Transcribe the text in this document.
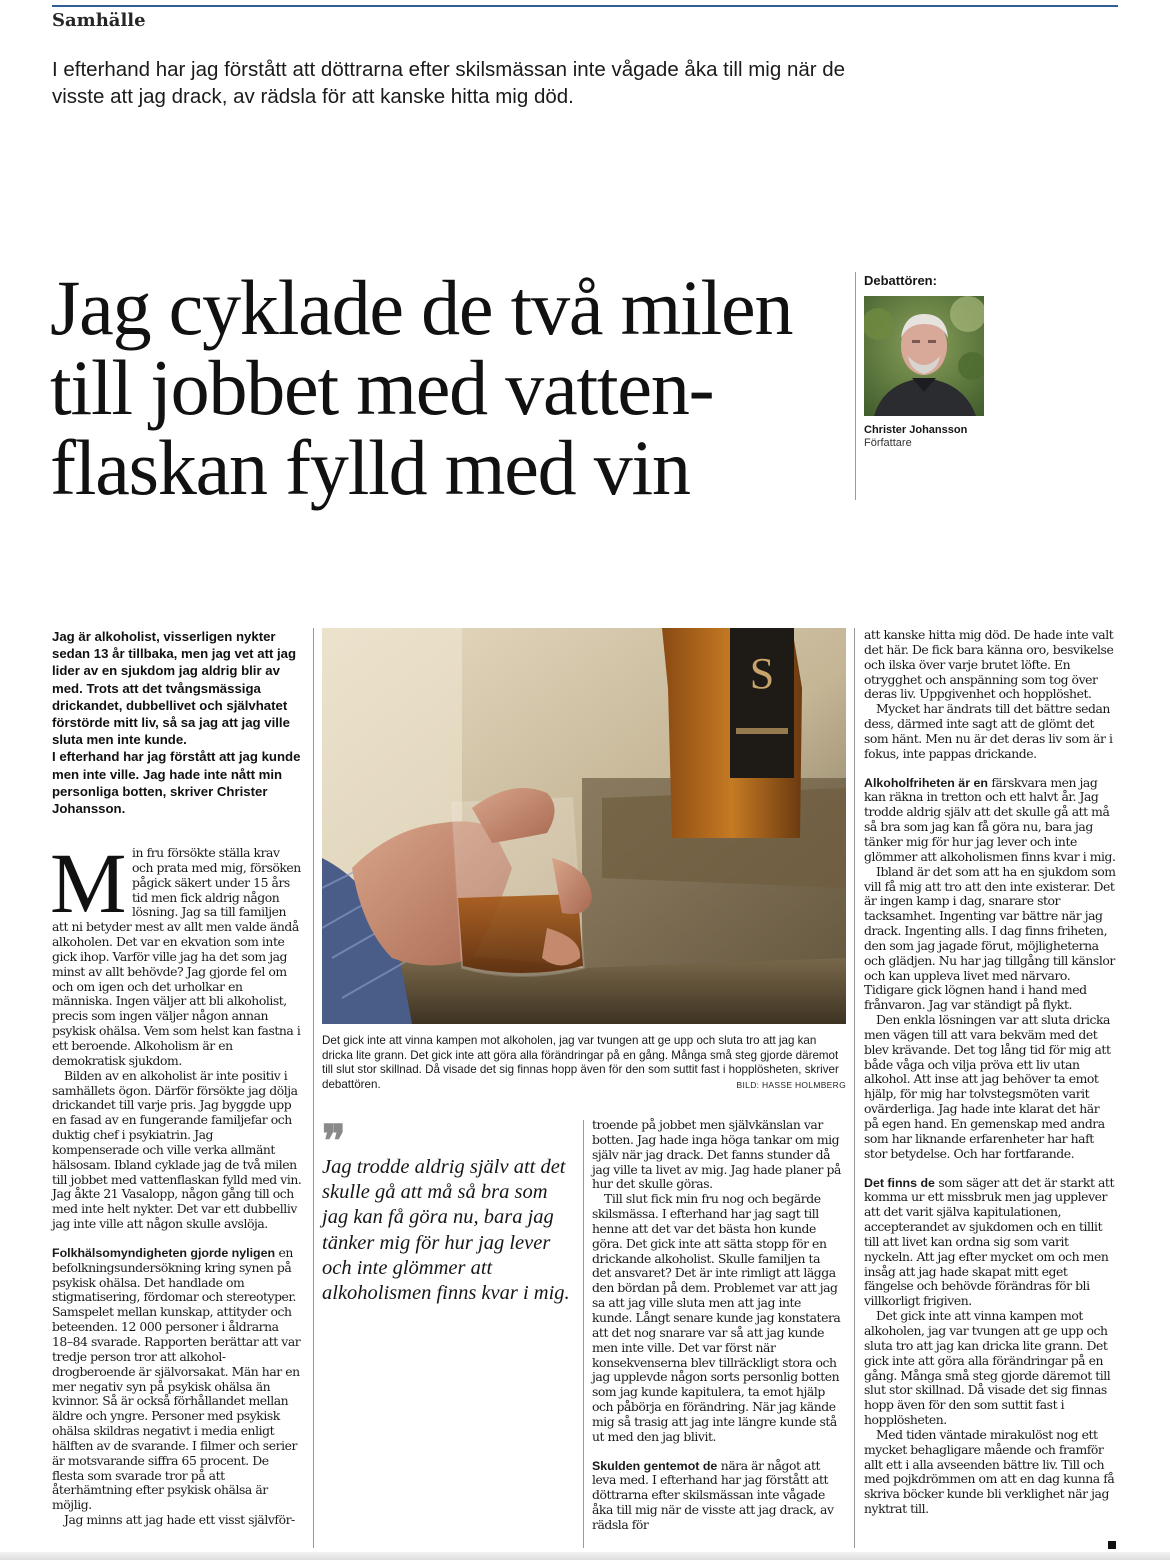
Samhälle
I efterhand har jag förstått att döttrarna efter skilsmässan inte vågade åka till mig när de visste att jag drack, av rädsla för att kanske hitta mig död.
Jag cyklade de två milen
till jobbet med vatten-
flaskan fylld med vin
Debattören:
Christer Johansson
Författare

Jag är alkoholist, visserligen nykter sedan 13 år tillbaka, men jag vet att jag lider av en sjukdom jag aldrig blir av med. Trots att det tvångsmässiga drickandet, dubbellivet och självhatet förstörde mitt liv, så sa jag att jag ville sluta men inte kunde.

I efterhand har jag förstått att jag kunde men inte ville. Jag hade inte nått min personliga botten, skriver Christer Johansson.

Min fru försökte ställa krav och prata med mig, försöken pågick säkert under 15 års tid men fick aldrig någon lösning. Jag sa till familjen att ni betyder mest av allt men valde ändå alkoholen. Det var en ekvation som inte gick ihop. Varför ville jag ha det som jag minst av allt behövde? Jag gjorde fel om och om igen och det urholkar en människa. Ingen väljer att bli alkoholist, precis som ingen väljer någon annan psykisk ohälsa. Vem som helst kan fastna i ett beroende. Alkoholism är en demokratisk sjukdom.

Bilden av en alkoholist är inte positiv i samhällets ögon. Därför försökte jag dölja drickandet till varje pris. Jag byggde upp en fasad av en fungerande familjefar och duktig chef i psykiatrin. Jag kompenserade och ville verka allmänt hälsosam. Ibland cyklade jag de två milen till jobbet med vattenflaskan fylld med vin. Jag åkte 21 Vasalopp, någon gång till och med inte helt nykter. Det var ett dubbelliv jag inte ville att någon skulle avslöja.

Folkhälsomyndigheten gjorde nyligen en befolkningsundersökning kring synen på psykisk ohälsa. Det handlade om stigmatisering, fördomar och stereotyper. Samspelet mellan kunskap, attityder och beteenden. 12 000 personer i åldrarna 18–84 svarade. Rapporten berättar att var tredje person tror att alkohol- drogberoende är självorsakat. Män har en mer negativ syn på psykisk ohälsa än kvinnor. Så är också förhållandet mellan äldre och yngre. Personer med psykisk ohälsa skildras negativt i media enligt hälften av de svarande. I filmer och serier är motsvarande siffra 65 procent. De flesta som svarade tror på att återhämtning efter psykisk ohälsa är möjlig.

Jag minns att jag hade ett visst självför-

S
Det gick inte att vinna kampen mot alkoholen, jag var tvungen att ge upp och sluta tro att jag kan dricka lite grann. Det gick inte att göra alla förändringar på en gång. Många små steg gjorde däremot till slut stor skillnad. Då visade det sig finnas hopp även för den som suttit fast i hopplösheten, skriver debattören.	BILD: HASSE HOLMBERG
❞
Jag trodde aldrig själv att det skulle gå att må så bra som jag kan få göra nu, bara jag tänker mig för hur jag lever och inte glömmer att alkoholismen finns kvar i mig.

troende på jobbet men självkänslan var botten. Jag hade inga höga tankar om mig själv när jag drack. Det fanns stunder då jag ville ta livet av mig. Jag hade planer på hur det skulle göras.

Till slut fick min fru nog och begärde skilsmässa. I efterhand har jag sagt till henne att det var det bästa hon kunde göra. Det gick inte att sätta stopp för en drickande alkoholist. Skulle familjen ta det ansvaret? Det är inte rimligt att lägga den bördan på dem. Problemet var att jag sa att jag ville sluta men att jag inte kunde. Långt senare kunde jag konstatera att det nog snarare var så att jag kunde men inte ville. Det var först när konsekvenserna blev tillräckligt stora och jag upplevde någon sorts personlig botten som jag kunde kapitulera, ta emot hjälp och påbörja en förändring. När jag kände mig så trasig att jag inte längre kunde stå ut med den jag blivit.

Skulden gentemot de nära är något att leva med. I efterhand har jag förstått att döttrarna efter skilsmässan inte vågade åka till mig när de visste att jag drack, av rädsla för

att kanske hitta mig död. De hade inte valt det här. De fick bara känna oro, besvikelse och ilska över varje brutet löfte. En otrygghet och anspänning som tog över deras liv. Uppgivenhet och hopplöshet.

Mycket har ändrats till det bättre sedan dess, därmed inte sagt att de glömt det som hänt. Men nu är det deras liv som är i fokus, inte pappas drickande.

Alkoholfriheten är en färskvara men jag kan räkna in tretton och ett halvt år. Jag trodde aldrig själv att det skulle gå att må så bra som jag kan få göra nu, bara jag tänker mig för hur jag lever och inte glömmer att alkoholismen finns kvar i mig.

Ibland är det som att ha en sjukdom som vill få mig att tro att den inte existerar. Det är ingen kamp i dag, snarare stor tacksamhet. Ingenting var bättre när jag drack. Ingenting alls. I dag finns friheten, den som jag jagade förut, möjligheterna och glädjen. Nu har jag tillgång till känslor och kan uppleva livet med närvaro. Tidigare gick lögnen hand i hand med frånvaron. Jag var ständigt på flykt.

Den enkla lösningen var att sluta dricka men vägen till att vara bekväm med det blev krävande. Det tog lång tid för mig att både våga och vilja pröva ett liv utan alkohol. Att inse att jag behöver ta emot hjälp, för mig har tolvstegsmöten varit ovärderliga. Jag hade inte klarat det här på egen hand. En gemenskap med andra som har liknande erfarenheter har haft stor betydelse. Och har fortfarande.

Det finns de som säger att det är starkt att komma ur ett missbruk men jag upplever att det varit själva kapitulationen, accepterandet av sjukdomen och en tillit till att livet kan ordna sig som varit nyckeln. Att jag efter mycket om och men insåg att jag hade skapat mitt eget fängelse och behövde förändras för bli villkorligt frigiven.

Det gick inte att vinna kampen mot alkoholen, jag var tvungen att ge upp och sluta tro att jag kan dricka lite grann. Det gick inte att göra alla förändringar på en gång. Många små steg gjorde däremot till slut stor skillnad. Då visade det sig finnas hopp även för den som suttit fast i hopplösheten.

Med tiden väntade mirakulöst nog ett mycket behagligare mående och framför allt ett i alla avseenden bättre liv. Till och med pojkdrömmen om att en dag kunna få skriva böcker kunde bli verklighet när jag nyktrat till.
